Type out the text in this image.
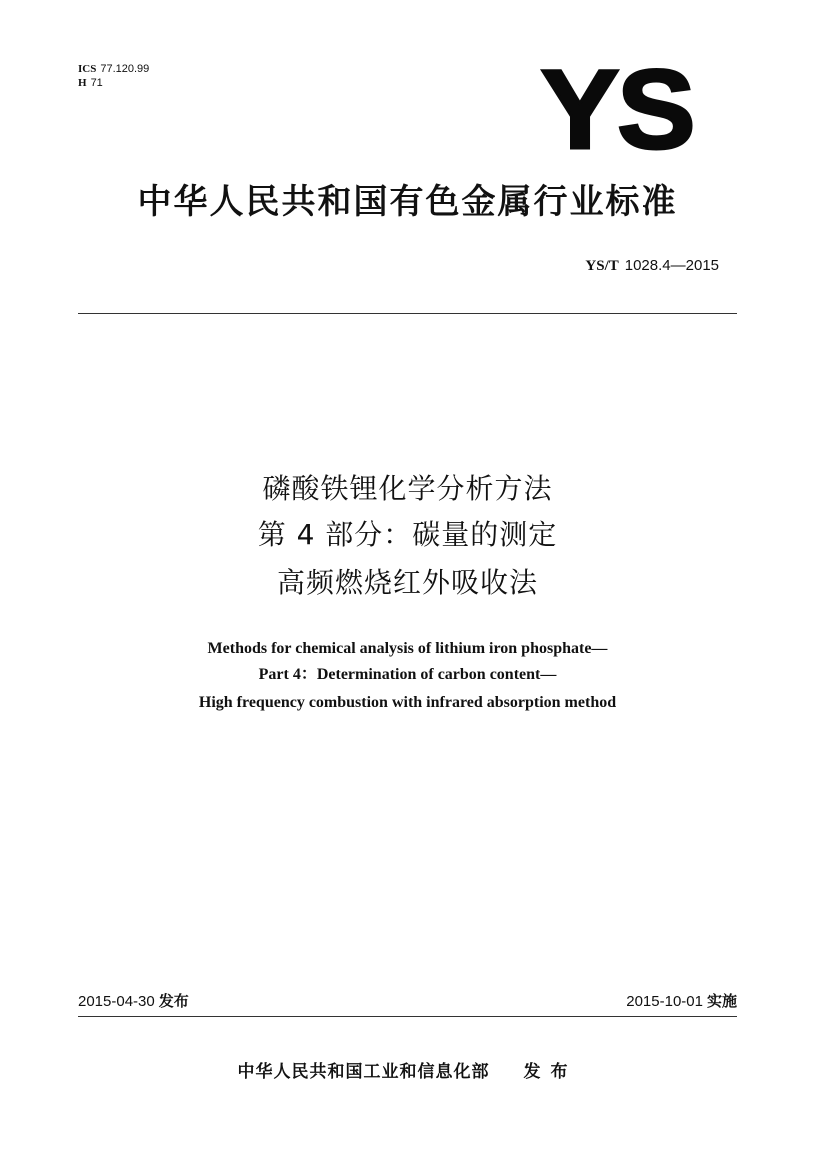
ICS 77.120.99
H 71	YS
中华人民共和国有色金属行业标准
YS/T 1028.4—2015
磷酸铁锂化学分析方法
第 4 部分：碳量的测定
高频燃烧红外吸收法
Methods for chemical analysis of lithium iron phosphate—
Part 4：Determination of carbon content—
High frequency combustion with infrared absorption method
2015-04-30 发布	2015-10-01 实施
中华人民共和国工业和信息化部 发布
